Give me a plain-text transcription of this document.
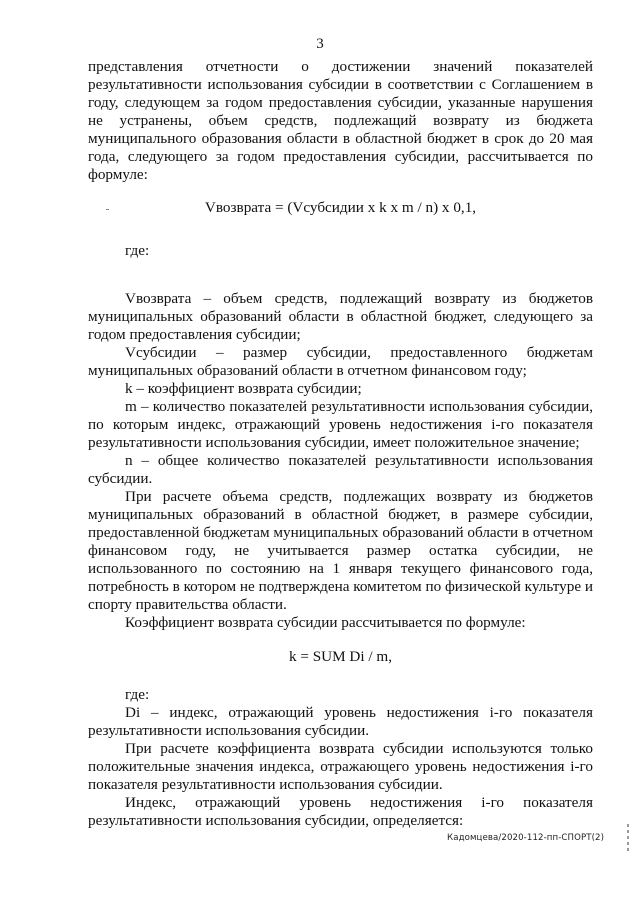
3

представления отчетности о достижении значений показателей результативности использования субсидии в соответствии с Соглашением в году, следующем за годом предоставления субсидии, указанные нарушения не устранены, объем средств, подлежащий возврату из бюджета муниципального образования области в областной бюджет в срок до 20 мая года, следующего за годом предоставления субсидии, рассчитывается по формуле:

Vвозврата = (Vсубсидии x k x m / n) x 0,1,

где:

Vвозврата – объем средств, подлежащий возврату из бюджетов муниципальных образований области в областной бюджет, следующего за годом предоставления субсидии;

Vсубсидии – размер субсидии, предоставленного бюджетам муниципальных образований области в отчетном финансовом году;

k – коэффициент возврата субсидии;

m – количество показателей результативности использования субсидии, по которым индекс, отражающий уровень недостижения i-го показателя результативности использования субсидии, имеет положительное значение;

n – общее количество показателей результативности использования субсидии.

При расчете объема средств, подлежащих возврату из бюджетов муниципальных образований в областной бюджет, в размере субсидии, предоставленной бюджетам муниципальных образований области в отчетном финансовом году, не учитывается размер остатка субсидии, не использованного по состоянию на 1 января текущего финансового года, потребность в котором не подтверждена комитетом по физической культуре и спорту правительства области.

Коэффициент возврата субсидии рассчитывается по формуле:

k = SUM Di / m,

где:

Di – индекс, отражающий уровень недостижения i-го показателя результативности использования субсидии.

При расчете коэффициента возврата субсидии используются только положительные значения индекса, отражающего уровень недостижения i-го показателя результативности использования субсидии.

Индекс, отражающий уровень недостижения i-го показателя результативности использования субсидии, определяется:

Кадомцева/2020-112-пп-СПОРТ(2)
